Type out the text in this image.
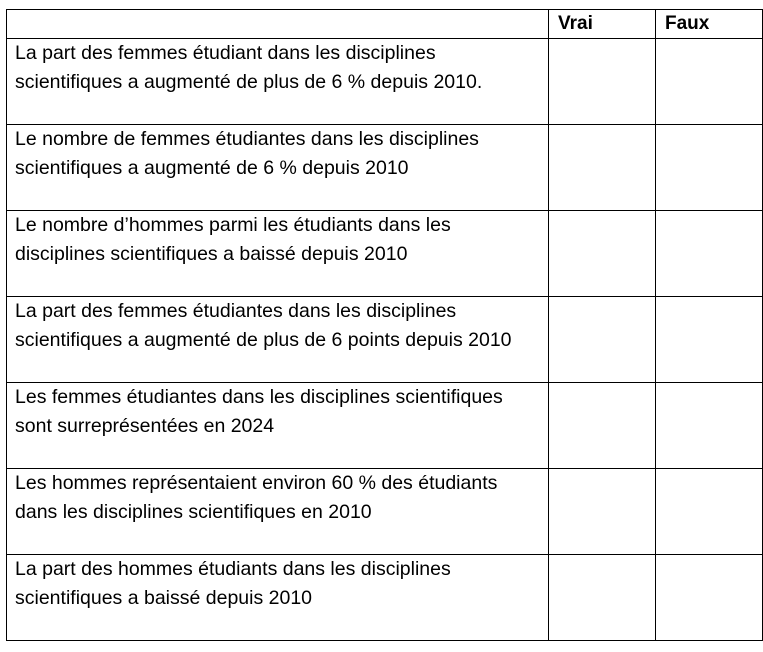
	Vrai	Faux
La part des femmes étudiant dans les disciplines scientifiques a augmenté de plus de 6 % depuis 2010.		
Le nombre de femmes étudiantes dans les disciplines scientifiques a augmenté de 6 % depuis 2010		
Le nombre d’hommes parmi les étudiants dans les disciplines scientifiques a baissé depuis 2010		
La part des femmes étudiantes dans les disciplines scientifiques a augmenté de plus de 6 points depuis 2010		
Les femmes étudiantes dans les disciplines scientifiques sont surreprésentées en 2024		
Les hommes représentaient environ 60 % des étudiants dans les disciplines scientifiques en 2010		
La part des hommes étudiants dans les disciplines scientifiques a baissé depuis 2010		
